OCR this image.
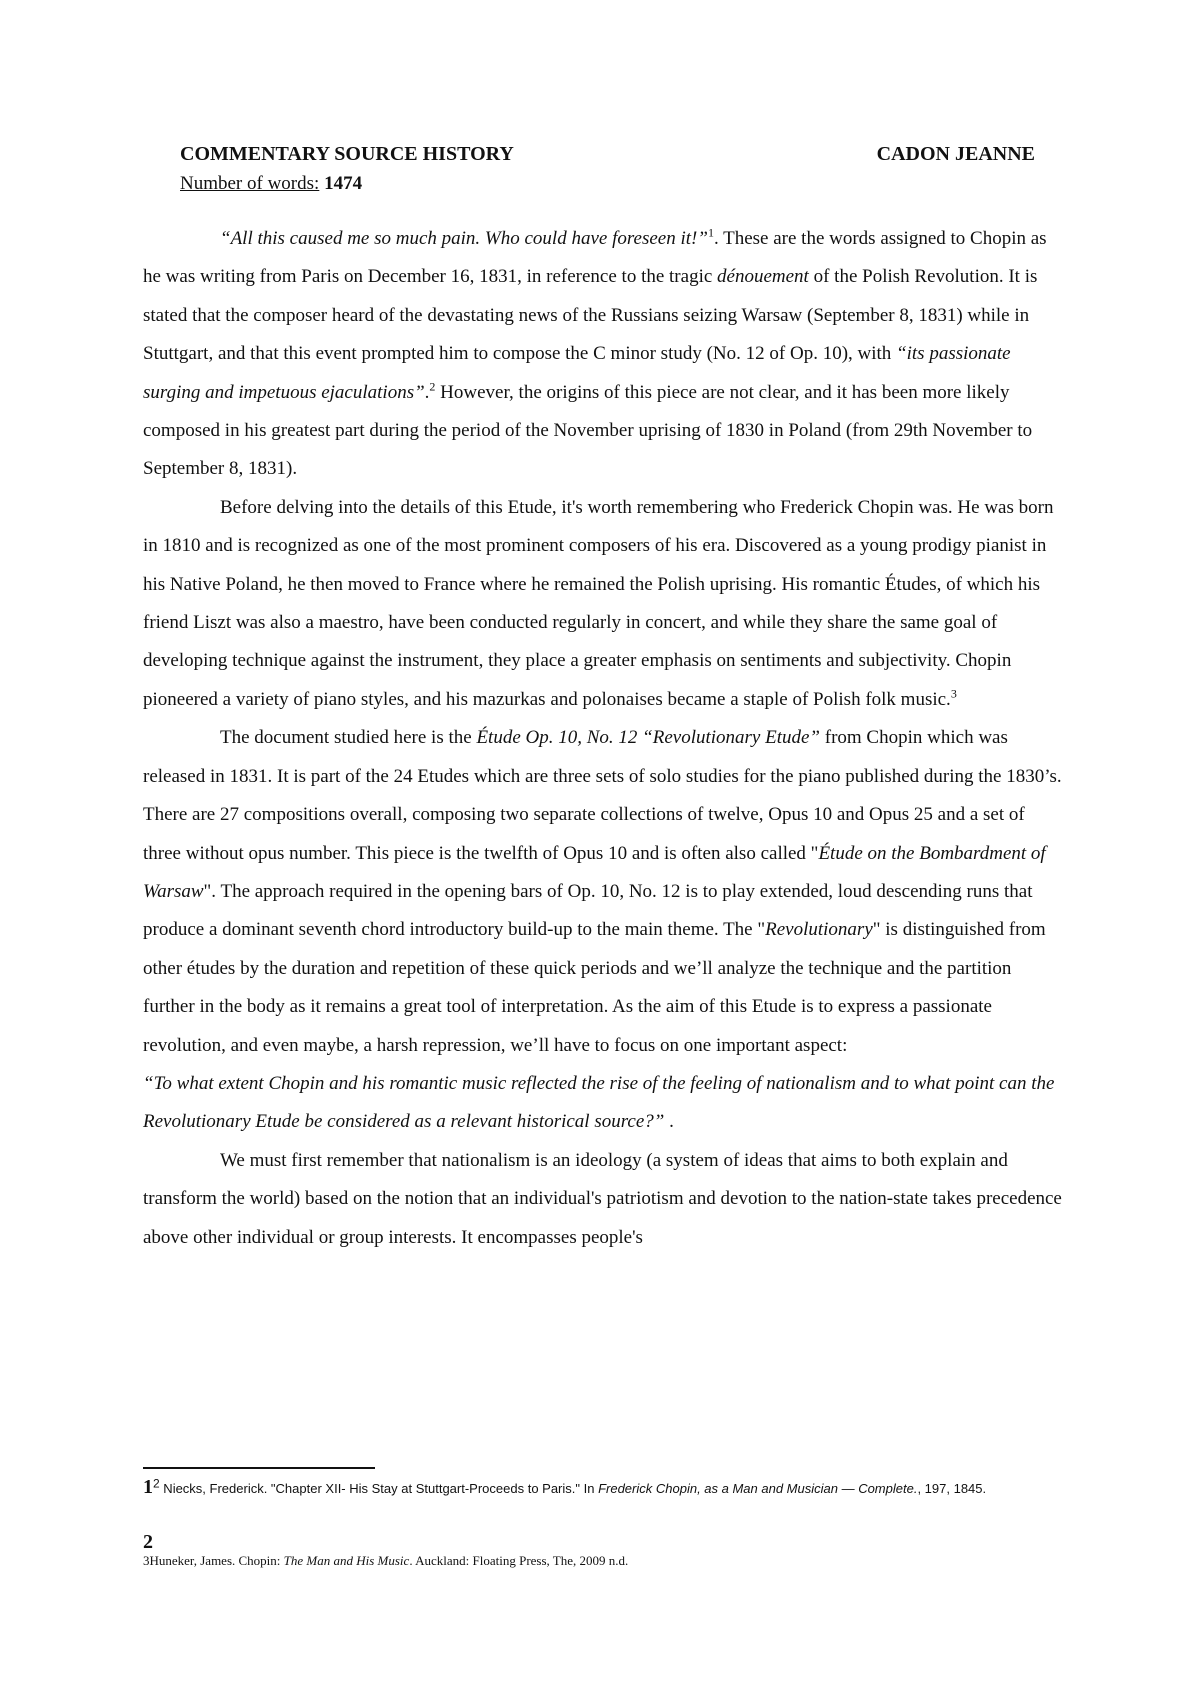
COMMENTARY SOURCE HISTORY	CADON JEANNE
Number of words: 1474

“All this caused me so much pain. Who could have foreseen it!”$^1$. These are the words assigned to Chopin as he was writing from Paris on December 16, 1831, in reference to the tragic dénouement of the Polish Revolution. It is stated that the composer heard of the devastating news of the Russians seizing Warsaw (September 8, 1831) while in Stuttgart, and that this event prompted him to compose the C minor study (No. 12 of Op. 10), with “its passionate surging and impetuous ejaculations”.$^2$ However, the origins of this piece are not clear, and it has been more likely composed in his greatest part during the period of the November uprising of 1830 in Poland (from 29th November to September 8, 1831).

Before delving into the details of this Etude, it's worth remembering who Frederick Chopin was. He was born in 1810 and is recognized as one of the most prominent composers of his era. Discovered as a young prodigy pianist in his Native Poland, he then moved to France where he remained the Polish uprising. His romantic Études, of which his friend Liszt was also a maestro, have been conducted regularly in concert, and while they share the same goal of developing technique against the instrument, they place a greater emphasis on sentiments and subjectivity. Chopin pioneered a variety of piano styles, and his mazurkas and polonaises became a staple of Polish folk music.$^3$

The document studied here is the Étude Op. 10, No. 12 “Revolutionary Etude” from Chopin which was released in 1831. It is part of the 24 Etudes which are three sets of solo studies for the piano published during the 1830’s. There are 27 compositions overall, composing two separate collections of twelve, Opus 10 and Opus 25 and a set of three without opus number. This piece is the twelfth of Opus 10 and is often also called "Étude on the Bombardment of Warsaw". The approach required in the opening bars of Op. 10, No. 12 is to play extended, loud descending runs that produce a dominant seventh chord introductory build-up to the main theme. The "Revolutionary" is distinguished from other études by the duration and repetition of these quick periods and we’ll analyze the technique and the partition further in the body as it remains a great tool of interpretation. As the aim of this Etude is to express a passionate revolution, and even maybe, a harsh repression, we’ll have to focus on one important aspect:

“To what extent Chopin and his romantic music reflected the rise of the feeling of nationalism and to what point can the Revolutionary Etude be considered as a relevant historical source?” .

We must first remember that nationalism is an ideology (a system of ideas that aims to both explain and transform the world) based on the notion that an individual's patriotism and devotion to the nation-state takes precedence above other individual or group interests. It encompasses people's

$1^2$ Niecks, Frederick. "Chapter XII- His Stay at Stuttgart-Proceeds to Paris." In Frederick Chopin, as a Man and Musician — Complete., 197, 1845.
2
3Huneker, James. Chopin: The Man and His Music. Auckland: Floating Press, The, 2009 n.d.
